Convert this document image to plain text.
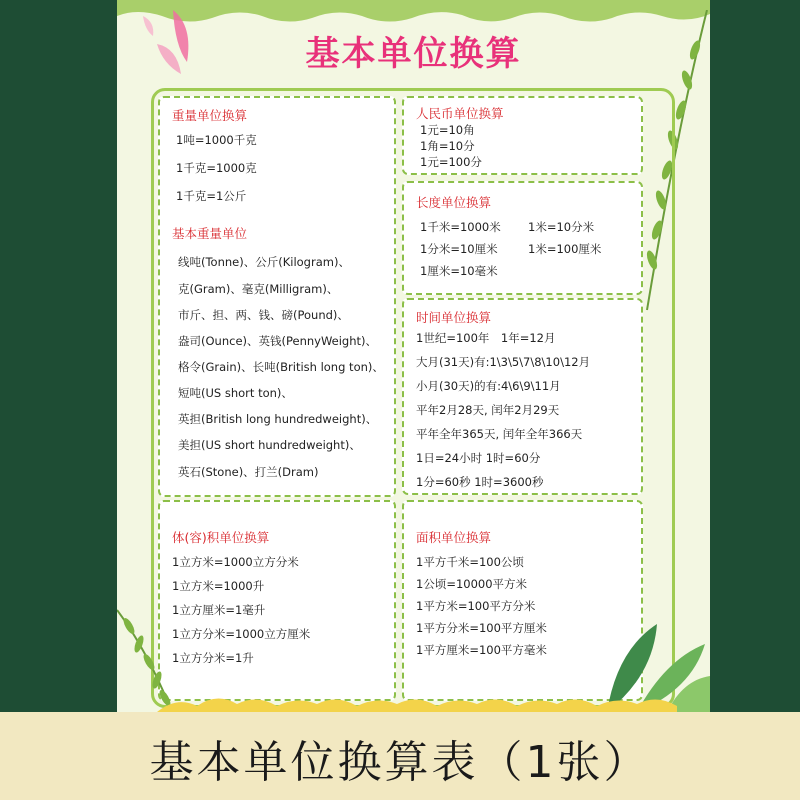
基本单位换算
重量单位换算
1吨=1000千克
1千克=1000克
1千克=1公斤
基本重量单位
线吨(Tonne)、公斤(Kilogram)、
克(Gram)、毫克(Milligram)、
市斤、担、两、钱、磅(Pound)、
盎司(Ounce)、英钱(PennyWeight)、
格令(Grain)、长吨(British long ton)、
短吨(US short ton)、
英担(British long hundredweight)、
美担(US short hundredweight)、
英石(Stone)、打兰(Dram)
人民币单位换算
1元=10角
1角=10分
1元=100分
长度单位换算
1千米=1000米
1分米=10厘米
1厘米=10毫米
1米=10分米
1米=100厘米
时间单位换算
1世纪=100年　1年=12月
大月(31天)有:1\3\5\7\8\10\12月
小月(30天)的有:4\6\9\11月
平年2月28天, 闰年2月29天
平年全年365天, 闰年全年366天
1日=24小时 1时=60分
1分=60秒 1时=3600秒
体(容)积单位换算
1立方米=1000立方分米
1立方米=1000升
1立方厘米=1毫升
1立方分米=1000立方厘米
1立方分米=1升
面积单位换算
1平方千米=100公顷
1公顷=10000平方米
1平方米=100平方分米
1平方分米=100平方厘米
1平方厘米=100平方毫米
基本单位换算表（1张）
